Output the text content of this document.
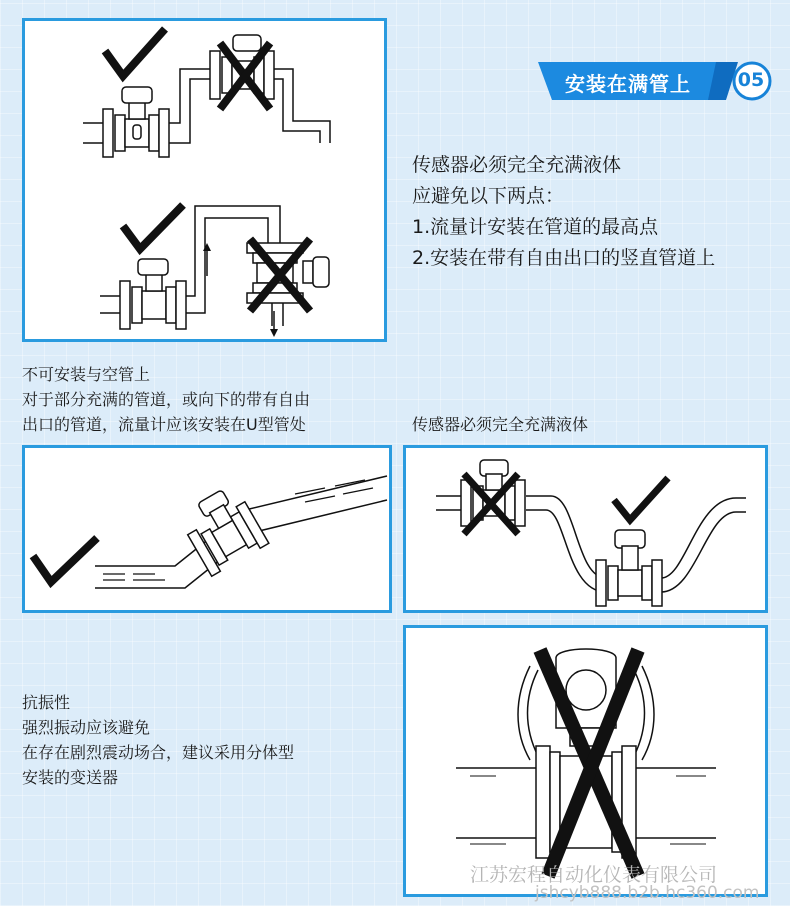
安装在满管上 05

传感器必须完全充满液体

应避免以下两点：

1.流量计安装在管道的最高点

2.安装在带有自由出口的竖直管道上

不可安装与空管上

对于部分充满的管道，或向下的带有自由

出口的管道，流量计应该安装在U型管处	传感器必须完全充满液体

抗振性

强烈振动应该避免

在存在剧烈震动场合，建议采用分体型

安装的变送器

江苏宏程自动化仪表有限公司
jshcyb888.b2b.hc360.com
